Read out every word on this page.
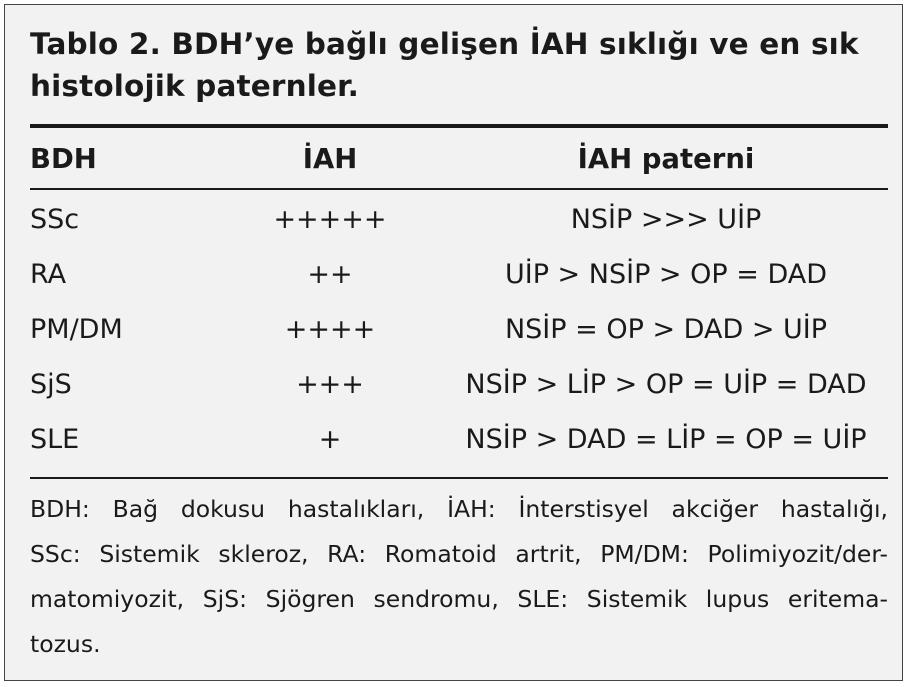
Tablo 2. BDH’ye bağlı gelişen İAH sıklığı ve en sık histolojik paternler.
BDH	İAH	İAH paterni
SSc	+++++	NSİP >>> UİP
RA	++	UİP > NSİP > OP = DAD
PM/DM	++++	NSİP = OP > DAD > UİP
SjS	+++	NSİP > LİP > OP = UİP = DAD
SLE	+	NSİP > DAD = LİP = OP = UİP
BDH: Bağ dokusu hastalıkları, İAH: İnterstisyel akciğer hastalığı,
SSc: Sistemik skleroz, RA: Romatoid artrit, PM/DM: Polimiyozit/der-
matomiyozit, SjS: Sjögren sendromu, SLE: Sistemik lupus eritema-
tozus.
